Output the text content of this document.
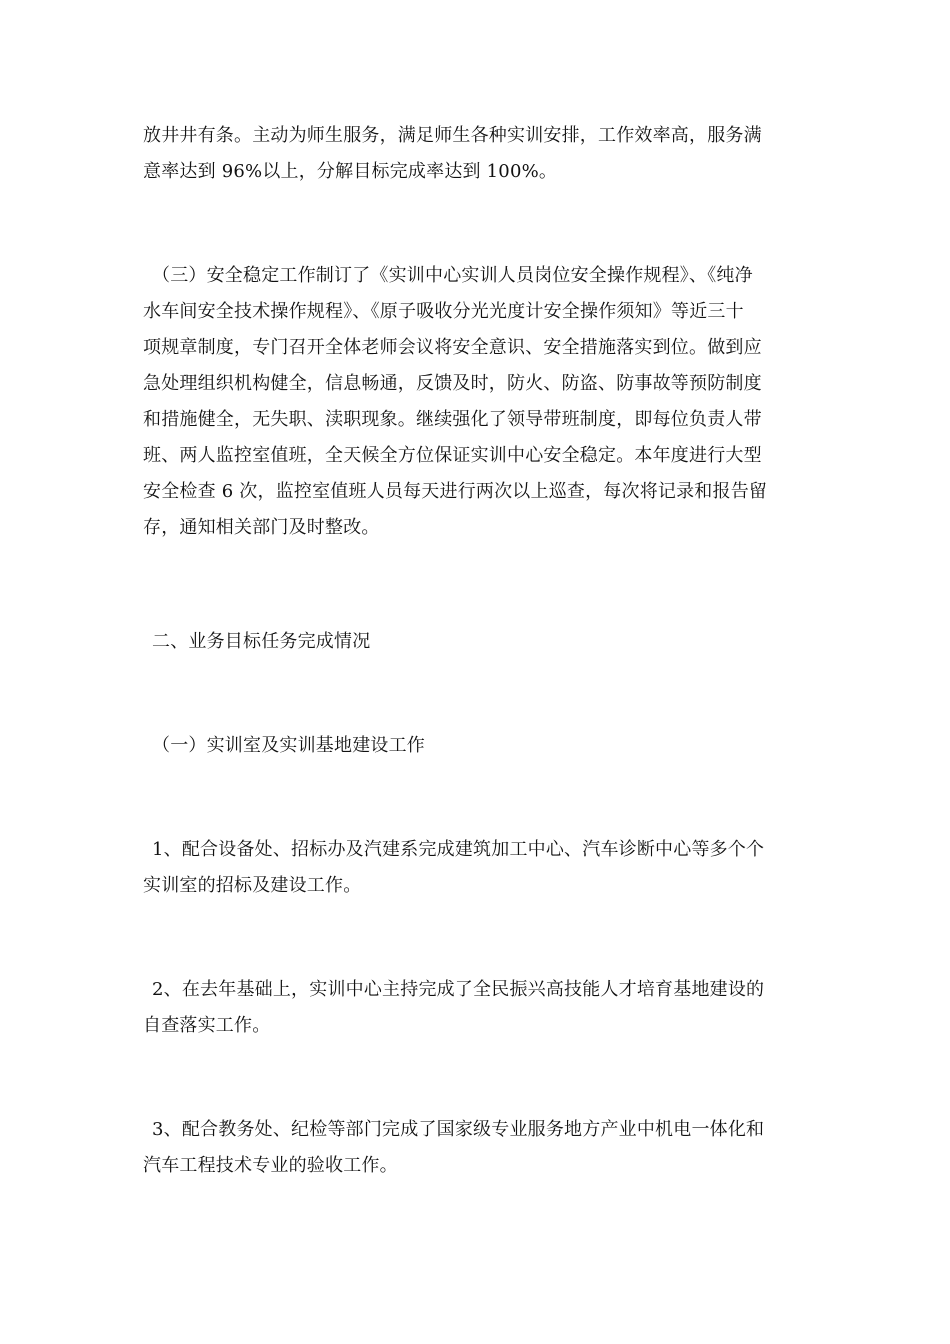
放井井有条。主动为师生服务，满足师生各种实训安排，工作效率高，服务满
意率达到 96%以上，分解目标完成率达到 100%。

（三）安全稳定工作制订了《实训中心实训人员岗位安全操作规程》、《纯净
水车间安全技术操作规程》、《原子吸收分光光度计安全操作须知》等近三十
项规章制度，专门召开全体老师会议将安全意识、安全措施落实到位。做到应
急处理组织机构健全，信息畅通，反馈及时，防火、防盗、防事故等预防制度
和措施健全，无失职、渎职现象。继续强化了领导带班制度，即每位负责人带
班、两人监控室值班，全天候全方位保证实训中心安全稳定。本年度进行大型
安全检查 6 次，监控室值班人员每天进行两次以上巡查，每次将记录和报告留
存，通知相关部门及时整改。

二、业务目标任务完成情况

（一）实训室及实训基地建设工作

1、配合设备处、招标办及汽建系完成建筑加工中心、汽车诊断中心等多个个
实训室的招标及建设工作。

2、在去年基础上，实训中心主持完成了全民振兴高技能人才培育基地建设的
自查落实工作。

3、配合教务处、纪检等部门完成了国家级专业服务地方产业中机电一体化和
汽车工程技术专业的验收工作。
